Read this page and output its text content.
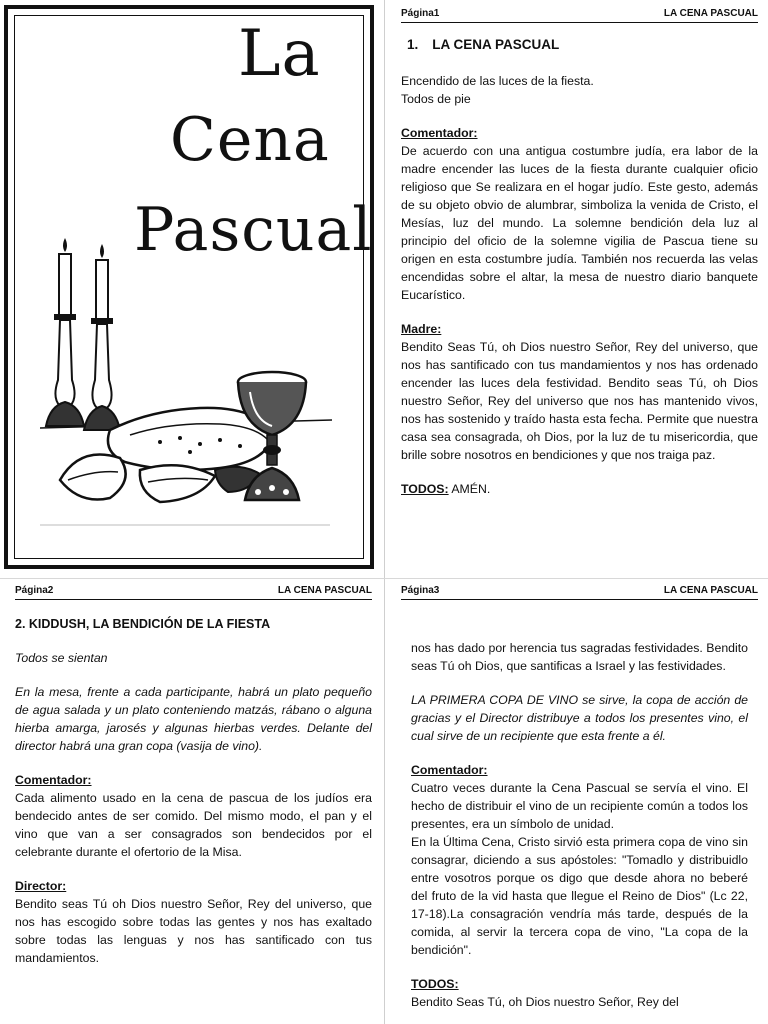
La
Cena
Pascual
Página1	LA CENA PASCUAL
1. LA CENA PASCUAL

Encendido de las luces de la fiesta.
Todos de pie

Comentador:
De acuerdo con una antigua costumbre judía, era labor de la madre encender las luces de la fiesta durante cualquier oficio religioso que Se realizara en el hogar judío. Este gesto, además de su objeto obvio de alumbrar, simboliza la venida de Cristo, el Mesías, luz del mundo. La solemne bendición dela luz al principio del oficio de la solemne vigilia de Pascua tiene su origen en esta costumbre judía. También nos recuerda las velas encendidas sobre el altar, la mesa de nuestro diario banquete Eucarístico.

Madre:
Bendito Seas Tú, oh Dios nuestro Señor, Rey del universo, que nos has santificado con tus mandamientos y nos has ordenado encender las luces dela festividad. Bendito seas Tú, oh Dios nuestro Señor, Rey del universo que nos has mantenido vivos, nos has sostenido y traído hasta esta fecha. Permite que nuestra casa sea consagrada, oh Dios, por la luz de tu misericordia, que brille sobre nosotros en bendiciones y que nos traiga paz.

TODOS: AMÉN.

Página2	LA CENA PASCUAL
2. KIDDUSH, LA BENDICIÓN DE LA FIESTA

Todos se sientan

En la mesa, frente a cada participante, habrá un plato pequeño de agua salada y un plato conteniendo matzás, rábano o alguna hierba amarga, jarosés y algunas hierbas verdes. Delante del director habrá una gran copa (vasija de vino).

Comentador:
Cada alimento usado en la cena de pascua de los judíos era bendecido antes de ser comido. Del mismo modo, el pan y el vino que van a ser consagrados son bendecidos por el celebrante durante el ofertorio de la Misa.

Director:
Bendito seas Tú oh Dios nuestro Señor, Rey del universo, que nos has escogido sobre todas las gentes y nos has exaltado sobre todas las lenguas y nos has santificado con tus mandamientos.

Página3	LA CENA PASCUAL

nos has dado por herencia tus sagradas festividades. Bendito seas Tú oh Dios, que santificas a Israel y las festividades.

LA PRIMERA COPA DE VINO se sirve, la copa de acción de gracias y el Director distribuye a todos los presentes vino, el cual sirve de un recipiente que esta frente a él.

Comentador:
Cuatro veces durante la Cena Pascual se servía el vino. El hecho de distribuir el vino de un recipiente común a todos los presentes, era un símbolo de unidad.
En la Última Cena, Cristo sirvió esta primera copa de vino sin consagrar, diciendo a sus apóstoles: "Tomadlo y distribuidlo entre vosotros porque os digo que desde ahora no beberé del fruto de la vid hasta que llegue el Reino de Dios" (Lc 22, 17-18).La consagración vendría más tarde, después de la comida, al servir la tercera copa de vino, "La copa de la bendición".

TODOS:
Bendito Seas Tú, oh Dios nuestro Señor, Rey del
